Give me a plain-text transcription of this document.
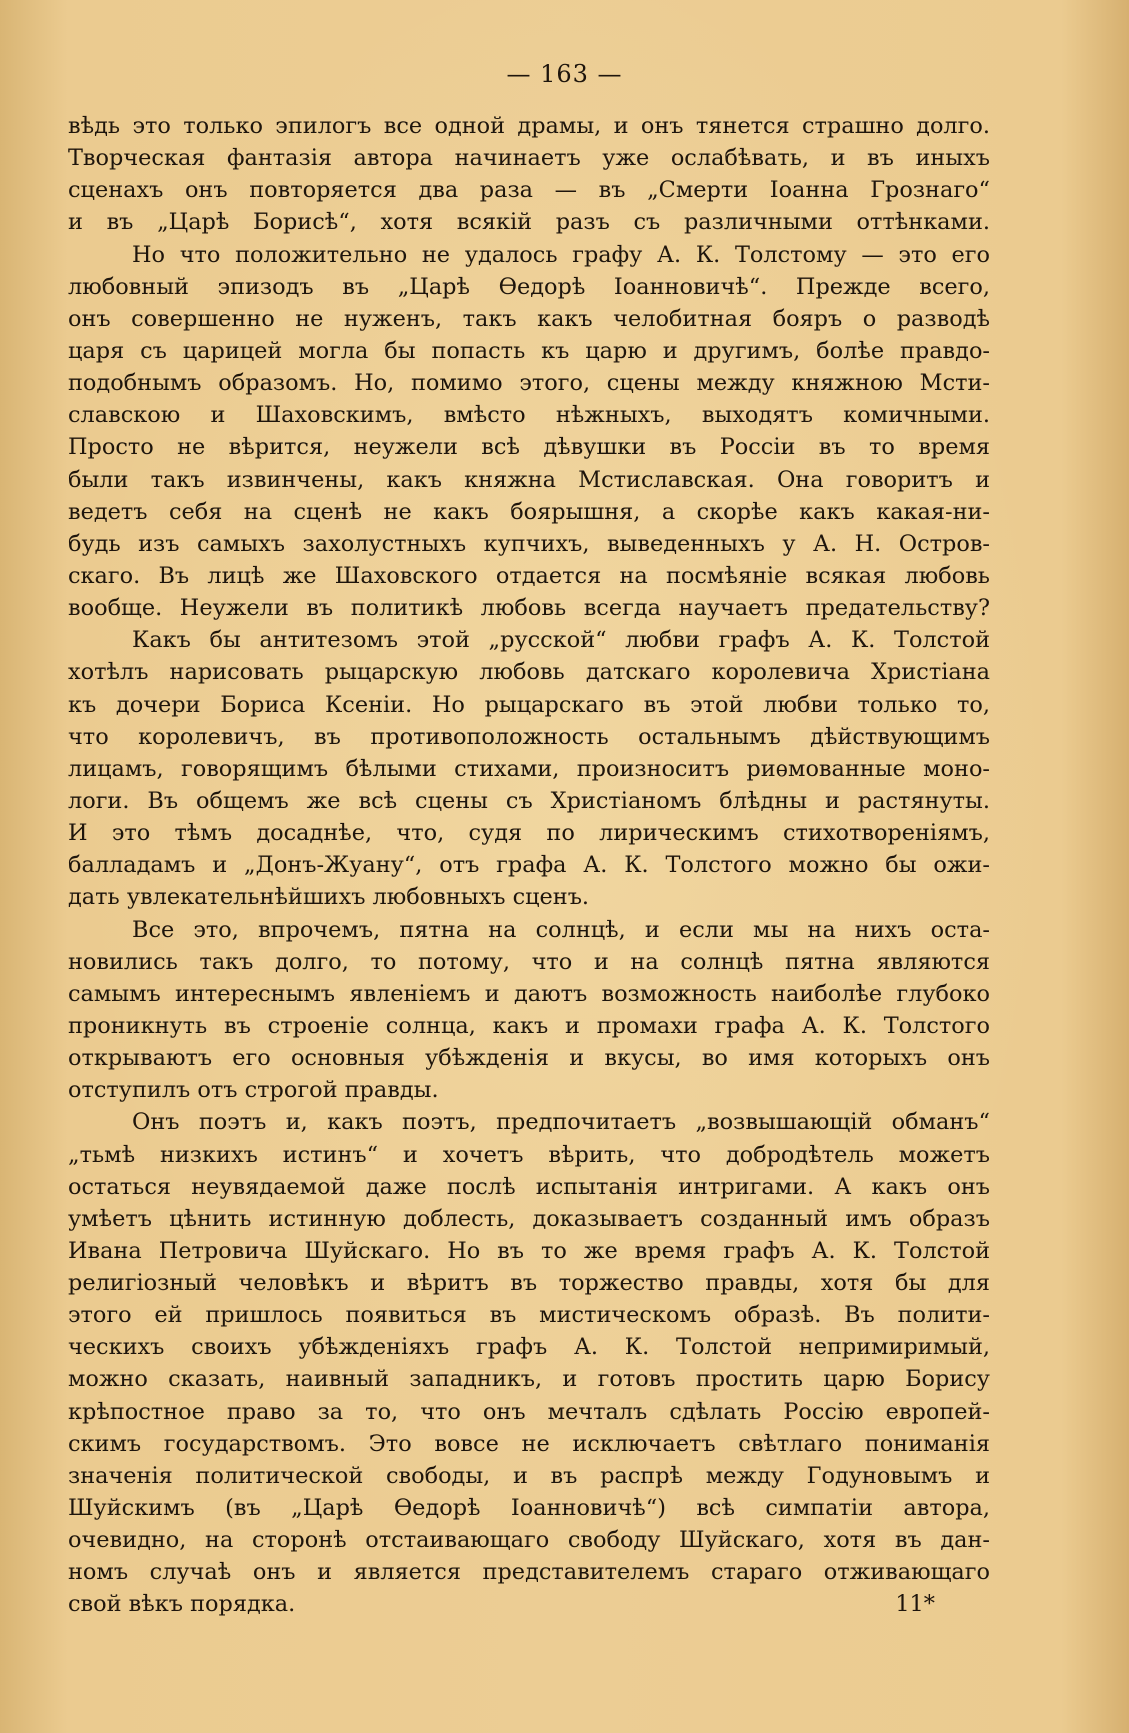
— 163 —
вѣдь это только эпилогъ все одной драмы, и онъ тянется страшно долго.
Творческая фантазія автора начинаетъ уже ослабѣвать, и въ иныхъ
сценахъ онъ повторяется два раза — въ „Смерти Іоанна Грознаго“
и въ „Царѣ Борисѣ“, хотя всякій разъ съ различными оттѣнками.
Но что положительно не удалось графу А. К. Толстому — это его
любовный эпизодъ въ „Царѣ Ѳедорѣ Іоанновичѣ“. Прежде всего,
онъ совершенно не нуженъ, такъ какъ челобитная бояръ о разводѣ
царя съ царицей могла бы попасть къ царю и другимъ, болѣе правдо-
подобнымъ образомъ. Но, помимо этого, сцены между княжною Мсти-
славскою и Шаховскимъ, вмѣсто нѣжныхъ, выходятъ комичными.
Просто не вѣрится, неужели всѣ дѣвушки въ Россіи въ то время
были такъ извинчены, какъ княжна Мстиславская. Она говоритъ и
ведетъ себя на сценѣ не какъ боярышня, а скорѣе какъ какая-ни-
будь изъ самыхъ захолустныхъ купчихъ, выведенныхъ у А. Н. Остров-
скаго. Въ лицѣ же Шаховского отдается на посмѣяніе всякая любовь
вообще. Неужели въ политикѣ любовь всегда научаетъ предательству?
Какъ бы антитезомъ этой „русской“ любви графъ А. К. Толстой
хотѣлъ нарисовать рыцарскую любовь датскаго королевича Христіана
къ дочери Бориса Ксеніи. Но рыцарскаго въ этой любви только то,
что королевичъ, въ противоположность остальнымъ дѣйствующимъ
лицамъ, говорящимъ бѣлыми стихами, произноситъ риѳмованные моно-
логи. Въ общемъ же всѣ сцены съ Христіаномъ блѣдны и растянуты.
И это тѣмъ досаднѣе, что, судя по лирическимъ стихотвореніямъ,
балладамъ и „Донъ-Жуану“, отъ графа А. К. Толстого можно бы ожи-
дать увлекательнѣйшихъ любовныхъ сценъ.
Все это, впрочемъ, пятна на солнцѣ, и если мы на нихъ оста-
новились такъ долго, то потому, что и на солнцѣ пятна являются
самымъ интереснымъ явленіемъ и даютъ возможность наиболѣе глубоко
проникнуть въ строеніе солнца, какъ и промахи графа А. К. Толстого
открываютъ его основныя убѣжденія и вкусы, во имя которыхъ онъ
отступилъ отъ строгой правды.
Онъ поэтъ и, какъ поэтъ, предпочитаетъ „возвышающій обманъ“
„тьмѣ низкихъ истинъ“ и хочетъ вѣрить, что добродѣтель можетъ
остаться неувядаемой даже послѣ испытанія интригами. А какъ онъ
умѣетъ цѣнить истинную доблесть, доказываетъ созданный имъ образъ
Ивана Петровича Шуйскаго. Но въ то же время графъ А. К. Толстой
религіозный человѣкъ и вѣритъ въ торжество правды, хотя бы для
этого ей пришлось появиться въ мистическомъ образѣ. Въ полити-
ческихъ своихъ убѣжденіяхъ графъ А. К. Толстой непримиримый,
можно сказать, наивный западникъ, и готовъ простить царю Борису
крѣпостное право за то, что онъ мечталъ сдѣлать Россію европей-
скимъ государствомъ. Это вовсе не исключаетъ свѣтлаго пониманія
значенія политической свободы, и въ распрѣ между Годуновымъ и
Шуйскимъ (въ „Царѣ Ѳедорѣ Іоанновичѣ“) всѣ симпатіи автора,
очевидно, на сторонѣ отстаивающаго свободу Шуйскаго, хотя въ дан-
номъ случаѣ онъ и является представителемъ стараго отживающаго
свой вѣкъ порядка.	11*
